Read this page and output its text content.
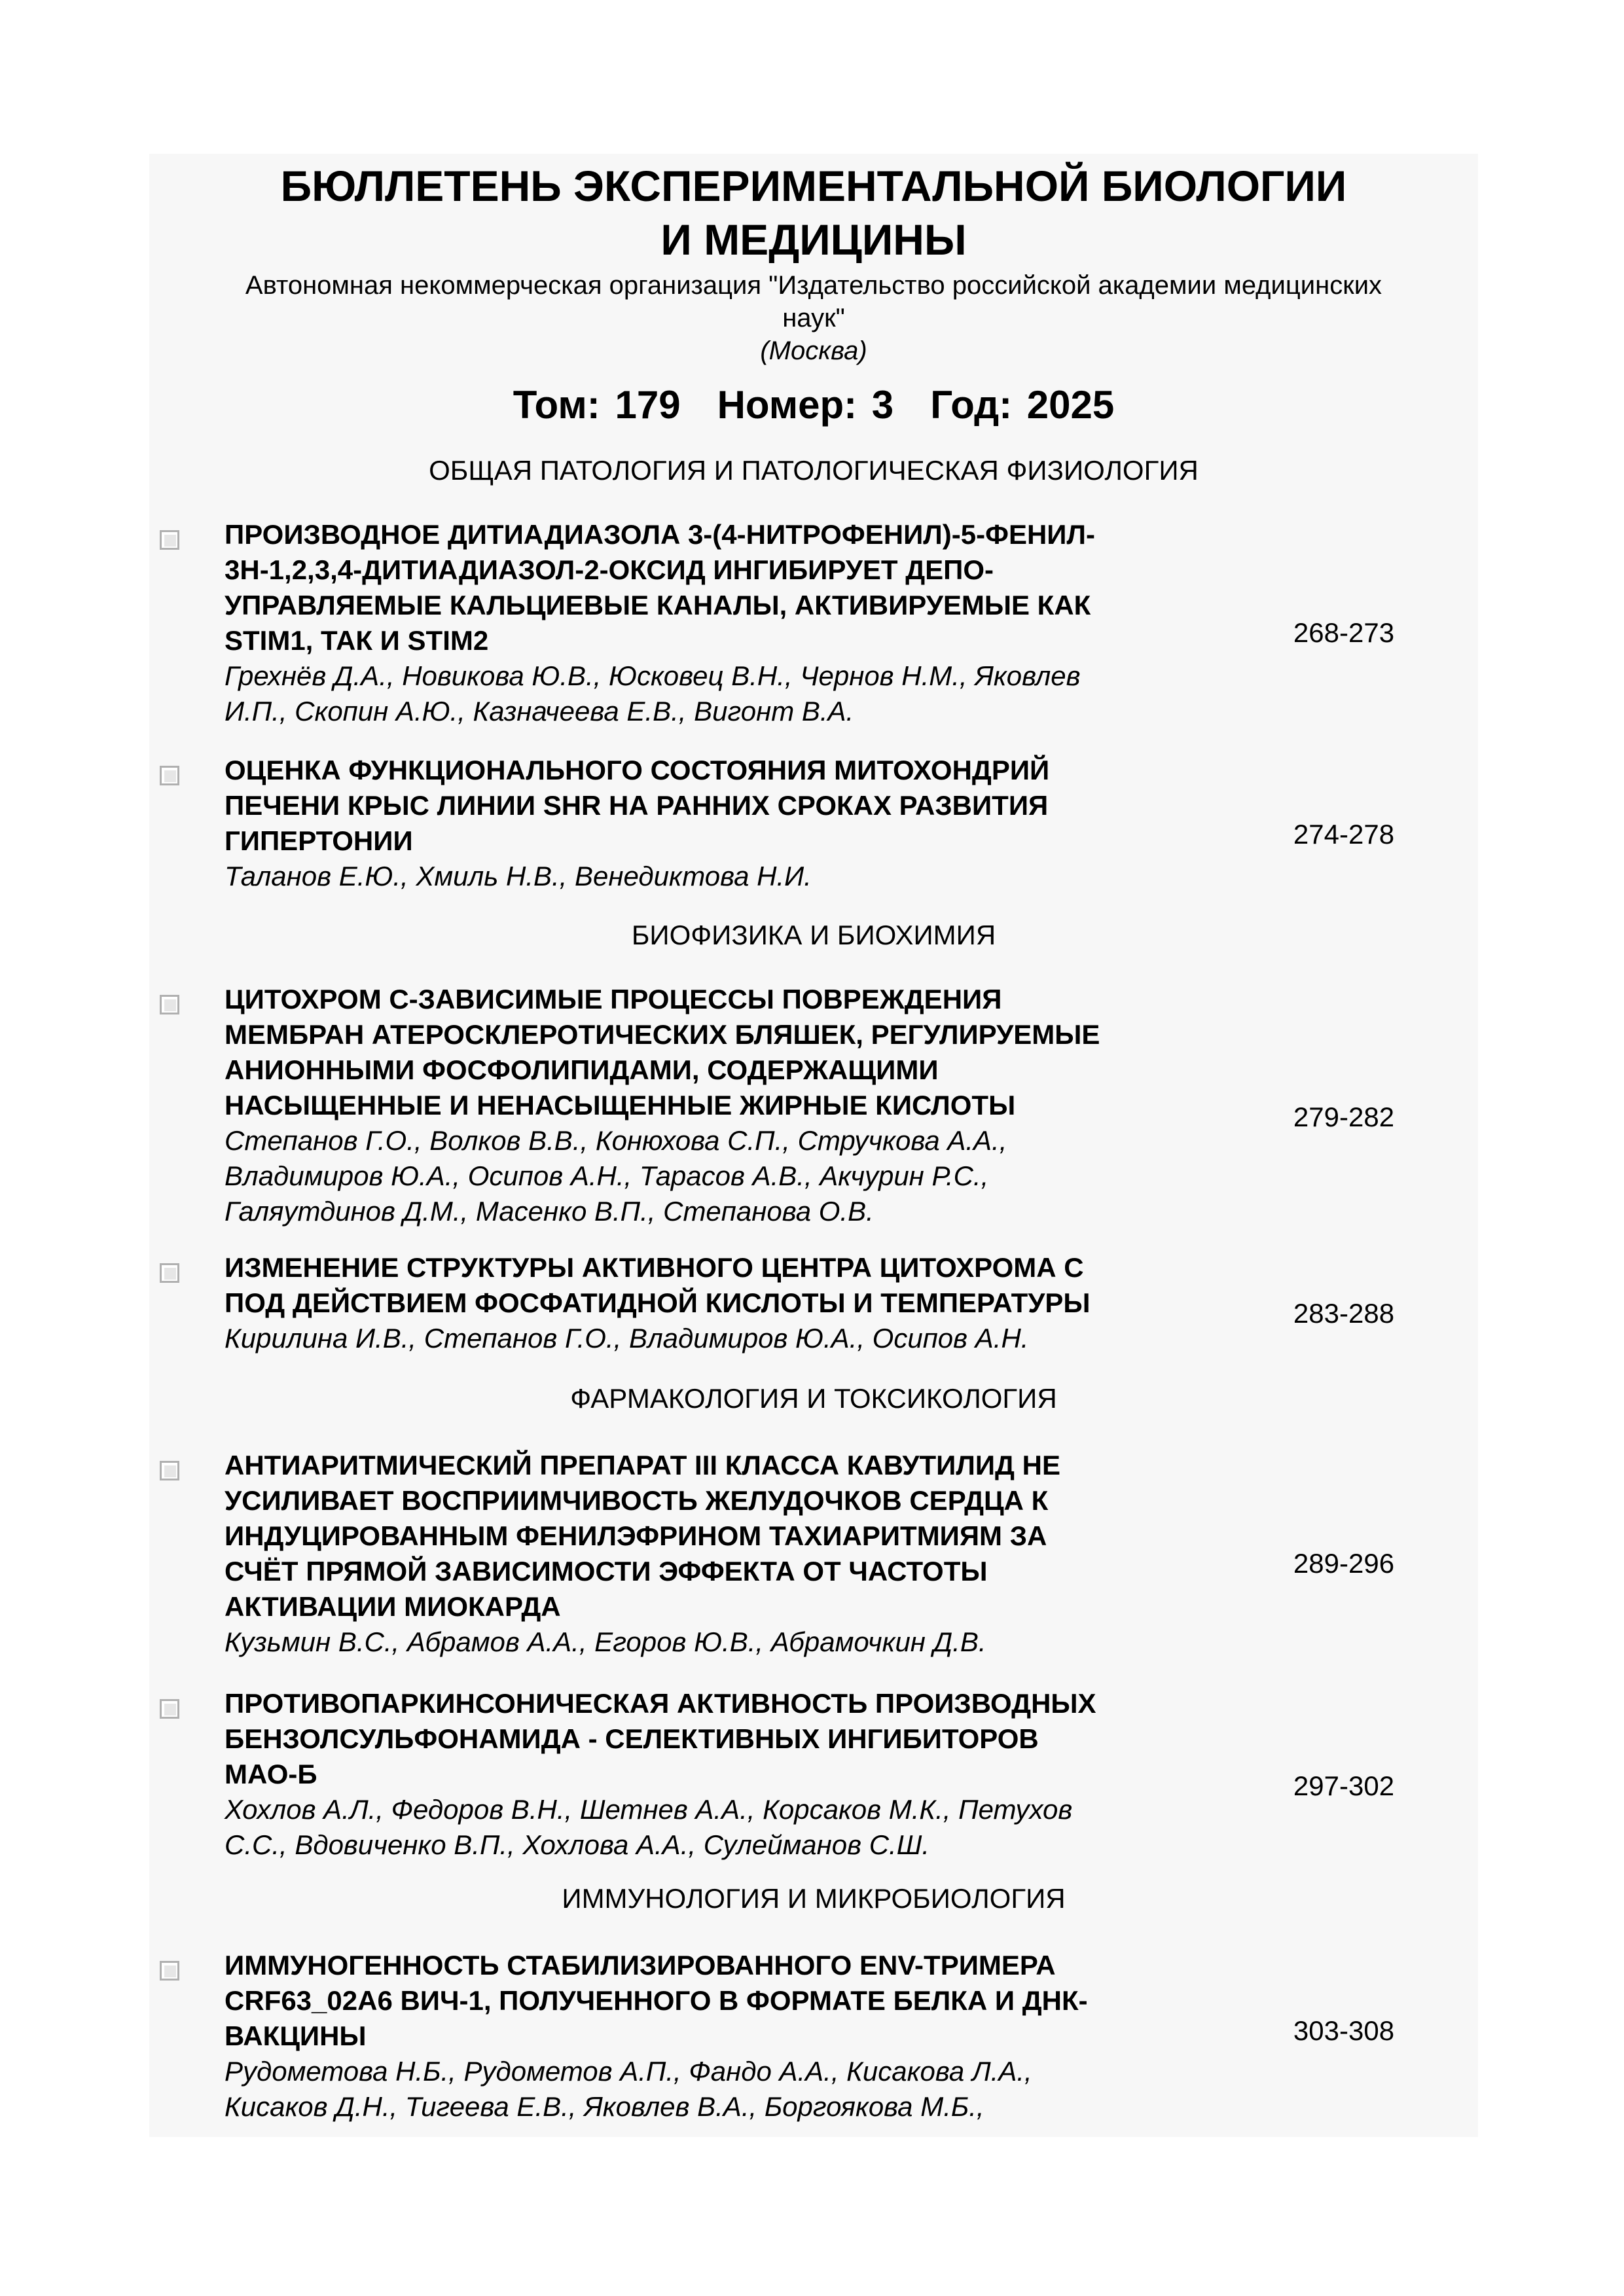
БЮЛЛЕТЕНЬ ЭКСПЕРИМЕНТАЛЬНОЙ БИОЛОГИИ
И МЕДИЦИНЫ
Автономная некоммерческая организация "Издательство российской академии медицинских
наук"
(Москва)
Том: 179 Номер: 3 Год: 2025
ОБЩАЯ ПАТОЛОГИЯ И ПАТОЛОГИЧЕСКАЯ ФИЗИОЛОГИЯ
ПРОИЗВОДНОЕ ДИТИАДИАЗОЛА 3-(4-НИТРОФЕНИЛ)-5-ФЕНИЛ-
3Н-1,2,3,4-ДИТИАДИАЗОЛ-2-ОКСИД ИНГИБИРУЕТ ДЕПО-
УПРАВЛЯЕМЫЕ КАЛЬЦИЕВЫЕ КАНАЛЫ, АКТИВИРУЕМЫЕ КАК
STIM1, ТАК И STIM2
Грехнёв Д.А., Новикова Ю.В., Юсковец В.Н., Чернов Н.М., Яковлев
И.П., Скопин А.Ю., Казначеева Е.В., Вигонт В.А.
268-273
ОЦЕНКА ФУНКЦИОНАЛЬНОГО СОСТОЯНИЯ МИТОХОНДРИЙ
ПЕЧЕНИ КРЫС ЛИНИИ SHR НА РАННИХ СРОКАХ РАЗВИТИЯ
ГИПЕРТОНИИ
Таланов Е.Ю., Хмиль Н.В., Венедиктова Н.И.
274-278
БИОФИЗИКА И БИОХИМИЯ
ЦИТОХРОМ С-ЗАВИСИМЫЕ ПРОЦЕССЫ ПОВРЕЖДЕНИЯ
МЕМБРАН АТЕРОСКЛЕРОТИЧЕСКИХ БЛЯШЕК, РЕГУЛИРУЕМЫЕ
АНИОННЫМИ ФОСФОЛИПИДАМИ, СОДЕРЖАЩИМИ
НАСЫЩЕННЫЕ И НЕНАСЫЩЕННЫЕ ЖИРНЫЕ КИСЛОТЫ
Степанов Г.О., Волков В.В., Конюхова С.П., Стручкова А.А.,
Владимиров Ю.А., Осипов А.Н., Тарасов А.В., Акчурин Р.С.,
Галяутдинов Д.М., Масенко В.П., Степанова О.В.
279-282
ИЗМЕНЕНИЕ СТРУКТУРЫ АКТИВНОГО ЦЕНТРА ЦИТОХРОМА С
ПОД ДЕЙСТВИЕМ ФОСФАТИДНОЙ КИСЛОТЫ И ТЕМПЕРАТУРЫ
Кирилина И.В., Степанов Г.О., Владимиров Ю.А., Осипов А.Н.
283-288
ФАРМАКОЛОГИЯ И ТОКСИКОЛОГИЯ
АНТИАРИТМИЧЕСКИЙ ПРЕПАРАТ III КЛАССА КАВУТИЛИД НЕ
УСИЛИВАЕТ ВОСПРИИМЧИВОСТЬ ЖЕЛУДОЧКОВ СЕРДЦА К
ИНДУЦИРОВАННЫМ ФЕНИЛЭФРИНОМ ТАХИАРИТМИЯМ ЗА
СЧЁТ ПРЯМОЙ ЗАВИСИМОСТИ ЭФФЕКТА ОТ ЧАСТОТЫ
АКТИВАЦИИ МИОКАРДА
Кузьмин В.С., Абрамов А.А., Егоров Ю.В., Абрамочкин Д.В.
289-296
ПРОТИВОПАРКИНСОНИЧЕСКАЯ АКТИВНОСТЬ ПРОИЗВОДНЫХ
БЕНЗОЛСУЛЬФОНАМИДА - СЕЛЕКТИВНЫХ ИНГИБИТОРОВ
МАО-Б
Хохлов А.Л., Федоров В.Н., Шетнев А.А., Корсаков М.К., Петухов
С.С., Вдовиченко В.П., Хохлова А.А., Сулейманов С.Ш.
297-302
ИММУНОЛОГИЯ И МИКРОБИОЛОГИЯ
ИММУНОГЕННОСТЬ СТАБИЛИЗИРОВАННОГО ENV-ТРИМЕРА
CRF63_02A6 ВИЧ-1, ПОЛУЧЕННОГО В ФОРМАТЕ БЕЛКА И ДНК-
ВАКЦИНЫ
Рудометова Н.Б., Рудометов А.П., Фандо А.А., Кисакова Л.А.,
Кисаков Д.Н., Тигеева Е.В., Яковлев В.А., Боргоякова М.Б.,
303-308
